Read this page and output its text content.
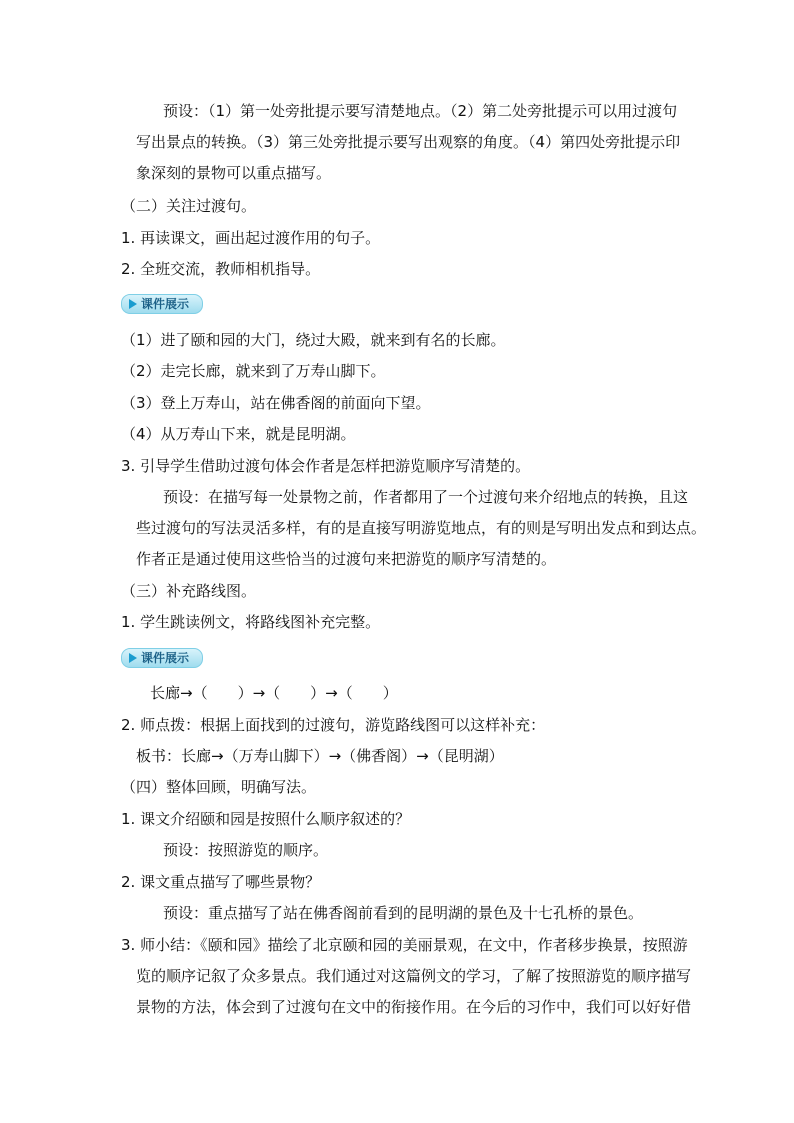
预设：（1）第一处旁批提示要写清楚地点。（2）第二处旁批提示可以用过渡句
写出景点的转换。（3）第三处旁批提示要写出观察的角度。（4）第四处旁批提示印
象深刻的景物可以重点描写。
（二）关注过渡句。
1. 再读课文，画出起过渡作用的句子。
2. 全班交流，教师相机指导。
课件展示
（1）进了颐和园的大门，绕过大殿，就来到有名的长廊。
（2）走完长廊，就来到了万寿山脚下。
（3）登上万寿山，站在佛香阁的前面向下望。
（4）从万寿山下来，就是昆明湖。
3. 引导学生借助过渡句体会作者是怎样把游览顺序写清楚的。
预设：在描写每一处景物之前，作者都用了一个过渡句来介绍地点的转换，且这
些过渡句的写法灵活多样，有的是直接写明游览地点，有的则是写明出发点和到达点。
作者正是通过使用这些恰当的过渡句来把游览的顺序写清楚的。
（三）补充路线图。
1. 学生跳读例文，将路线图补充完整。
课件展示
长廊→（　　）→（　　）→（　　）
2. 师点拨：根据上面找到的过渡句，游览路线图可以这样补充：
板书：长廊→（万寿山脚下）→（佛香阁）→（昆明湖）
（四）整体回顾，明确写法。
1. 课文介绍颐和园是按照什么顺序叙述的？
预设：按照游览的顺序。
2. 课文重点描写了哪些景物？
预设：重点描写了站在佛香阁前看到的昆明湖的景色及十七孔桥的景色。
3. 师小结：《颐和园》描绘了北京颐和园的美丽景观，在文中，作者移步换景，按照游
览的顺序记叙了众多景点。我们通过对这篇例文的学习，了解了按照游览的顺序描写
景物的方法，体会到了过渡句在文中的衔接作用。在今后的习作中，我们可以好好借
